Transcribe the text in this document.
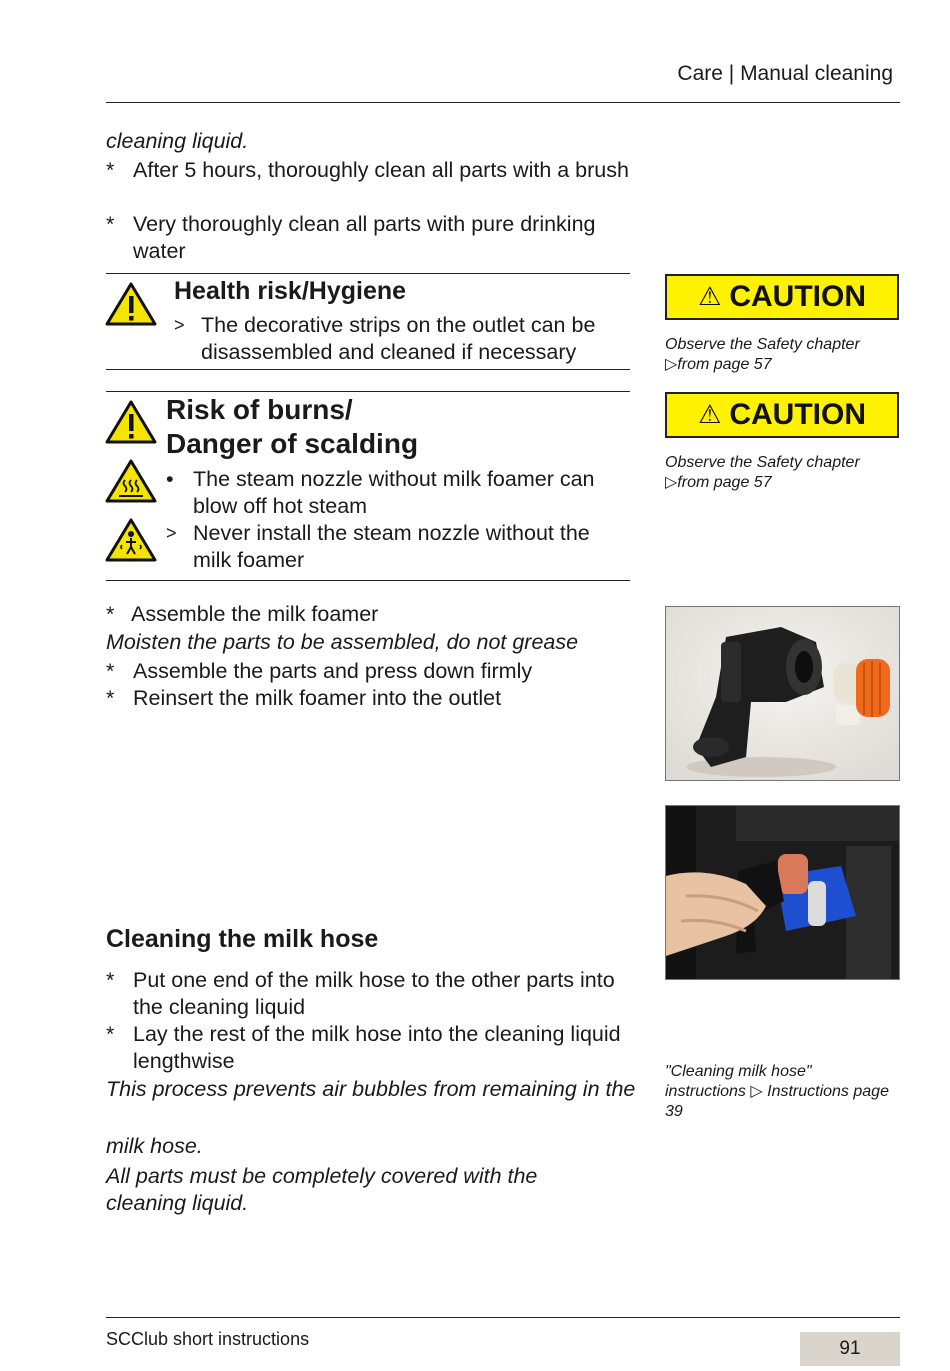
Care | Manual cleaning
cleaning liquid.
* After 5 hours, thoroughly clean all parts with a brush
* Very thoroughly clean all parts with pure drinking water
Health risk/Hygiene
> The decorative strips on the outlet can be disassembled and cleaned if necessary
Risk of burns/
Danger of scalding
• The steam nozzle without milk foamer can blow off hot steam
> Never install the steam nozzle without the milk foamer
* Assemble the milk foamer
Moisten the parts to be assembled, do not grease
* Assemble the parts and press down firmly
* Reinsert the milk foamer into the outlet
Cleaning the milk hose
* Put one end of the milk hose to the other parts into the cleaning liquid
* Lay the rest of the milk hose into the cleaning liquid lengthwise
This process prevents air bubbles from remaining in the
milk hose.
All parts must be completely covered with the cleaning liquid.
⚠ CAUTION
Observe the Safety chapter ▷from page 57
⚠ CAUTION
Observe the Safety chapter ▷from page 57
"Cleaning milk hose" instructions ▷ Instructions page 39
SCClub short instructions	91
